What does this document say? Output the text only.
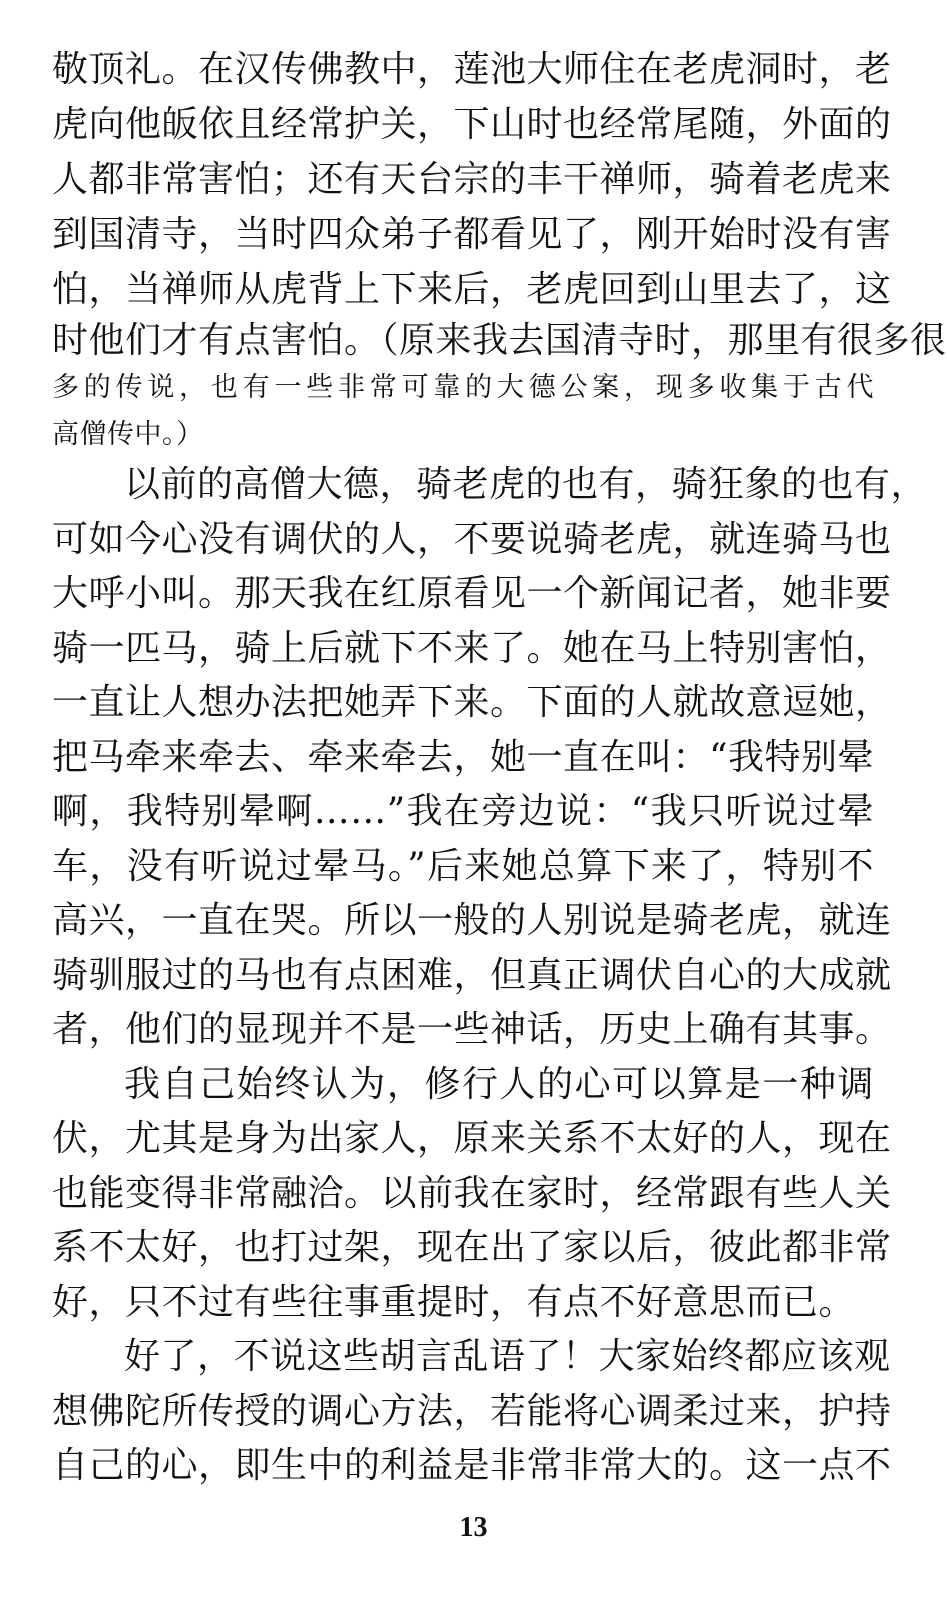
敬顶礼。在汉传佛教中，莲池大师住在老虎洞时，老
虎向他皈依且经常护关，下山时也经常尾随，外面的
人都非常害怕；还有天台宗的丰干禅师，骑着老虎来
到国清寺，当时四众弟子都看见了，刚开始时没有害
怕，当禅师从虎背上下来后，老虎回到山里去了，这
时他们才有点害怕。（原来我去国清寺时，那里有很多很
多的传说，也有一些非常可靠的大德公案，现多收集于古代
高僧传中。）
以前的高僧大德，骑老虎的也有，骑狂象的也有，
可如今心没有调伏的人，不要说骑老虎，就连骑马也
大呼小叫。那天我在红原看见一个新闻记者，她非要
骑一匹马，骑上后就下不来了。她在马上特别害怕，
一直让人想办法把她弄下来。下面的人就故意逗她，
把马牵来牵去、牵来牵去，她一直在叫：“我特别晕
啊，我特别晕啊……”我在旁边说：“我只听说过晕
车，没有听说过晕马。”后来她总算下来了，特别不
高兴，一直在哭。所以一般的人别说是骑老虎，就连
骑驯服过的马也有点困难，但真正调伏自心的大成就
者，他们的显现并不是一些神话，历史上确有其事。
我自己始终认为，修行人的心可以算是一种调
伏，尤其是身为出家人，原来关系不太好的人，现在
也能变得非常融洽。以前我在家时，经常跟有些人关
系不太好，也打过架，现在出了家以后，彼此都非常
好，只不过有些往事重提时，有点不好意思而已。
好了，不说这些胡言乱语了！大家始终都应该观
想佛陀所传授的调心方法，若能将心调柔过来，护持
自己的心，即生中的利益是非常非常大的。这一点不
13
